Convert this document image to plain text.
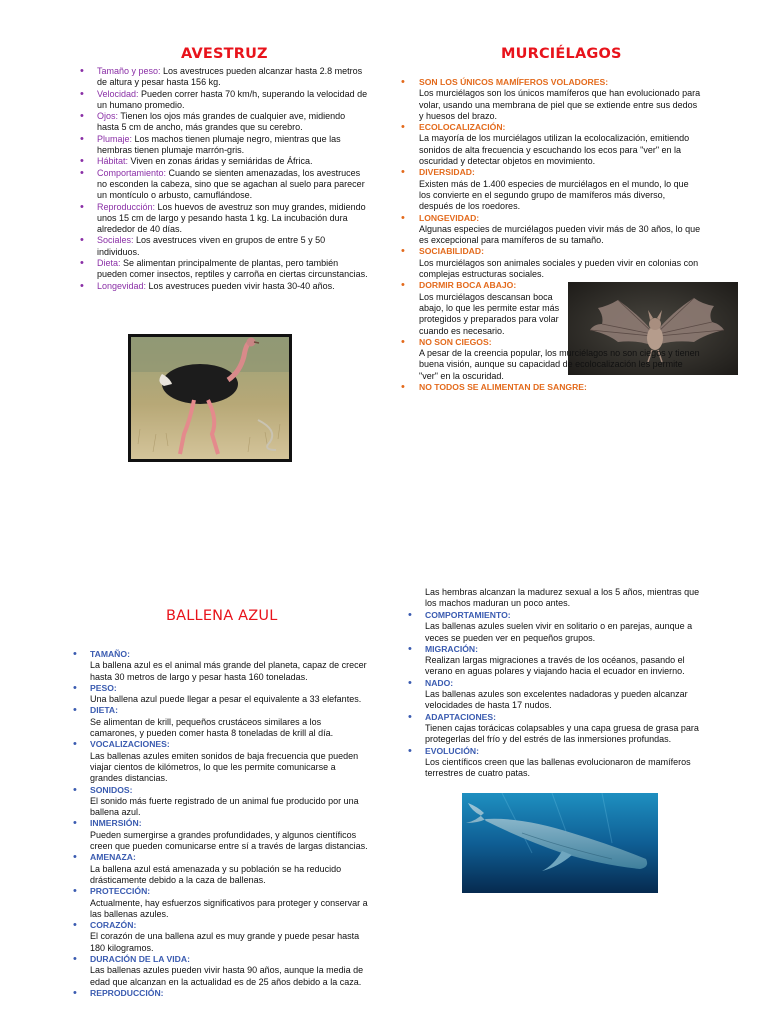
AVESTRUZ
• Tamaño y peso: Los avestruces pueden alcanzar hasta 2.8 metros de altura y pesar hasta 156 kg.
• Velocidad: Pueden correr hasta 70 km/h, superando la velocidad de un humano promedio.
• Ojos: Tienen los ojos más grandes de cualquier ave, midiendo hasta 5 cm de ancho, más grandes que su cerebro.
• Plumaje: Los machos tienen plumaje negro, mientras que las hembras tienen plumaje marrón-gris.
• Hábitat: Viven en zonas áridas y semiáridas de África.
• Comportamiento: Cuando se sienten amenazadas, los avestruces no esconden la cabeza, sino que se agachan al suelo para parecer un montículo o arbusto, camuflándose.
• Reproducción: Los huevos de avestruz son muy grandes, midiendo unos 15 cm de largo y pesando hasta 1 kg. La incubación dura alrededor de 40 días.
• Sociales: Los avestruces viven en grupos de entre 5 y 50 individuos.
• Dieta: Se alimentan principalmente de plantas, pero también pueden comer insectos, reptiles y carroña en ciertas circunstancias.
• Longevidad: Los avestruces pueden vivir hasta 30-40 años.
MURCIÉLAGOS
• SON LOS ÚNICOS MAMÍFEROS VOLADORES:
Los murciélagos son los únicos mamíferos que han evolucionado para volar, usando una membrana de piel que se extiende entre sus dedos y huesos del brazo.
• ECOLOCALIZACIÓN:
La mayoría de los murciélagos utilizan la ecolocalización, emitiendo sonidos de alta frecuencia y escuchando los ecos para "ver" en la oscuridad y detectar objetos en movimiento.
• DIVERSIDAD:
Existen más de 1.400 especies de murciélagos en el mundo, lo que los convierte en el segundo grupo de mamíferos más diverso, después de los roedores.
• LONGEVIDAD:
Algunas especies de murciélagos pueden vivir más de 30 años, lo que es excepcional para mamíferos de su tamaño.
• SOCIABILIDAD:
Los murciélagos son animales sociales y pueden vivir en colonias con complejas estructuras sociales.
• DORMIR BOCA ABAJO:
Los murciélagos descansan boca abajo, lo que les permite estar más protegidos y preparados para volar cuando es necesario.
• NO SON CIEGOS:
A pesar de la creencia popular, los murciélagos no son ciegos y tienen buena visión, aunque su capacidad de ecolocalización les permite "ver" en la oscuridad.
• NO TODOS SE ALIMENTAN DE SANGRE:
BALLENA AZUL
• TAMAÑO:
La ballena azul es el animal más grande del planeta, capaz de crecer hasta 30 metros de largo y pesar hasta 160 toneladas.
• PESO:
Una ballena azul puede llegar a pesar el equivalente a 33 elefantes.
• DIETA:
Se alimentan de krill, pequeños crustáceos similares a los camarones, y pueden comer hasta 8 toneladas de krill al día.
• VOCALIZACIONES:
Las ballenas azules emiten sonidos de baja frecuencia que pueden viajar cientos de kilómetros, lo que les permite comunicarse a grandes distancias.
• SONIDOS:
El sonido más fuerte registrado de un animal fue producido por una ballena azul.
• INMERSIÓN:
Pueden sumergirse a grandes profundidades, y algunos científicos creen que pueden comunicarse entre sí a través de largas distancias.
• AMENAZA:
La ballena azul está amenazada y su población se ha reducido drásticamente debido a la caza de ballenas.
• PROTECCIÓN:
Actualmente, hay esfuerzos significativos para proteger y conservar a las ballenas azules.
• CORAZÓN:
El corazón de una ballena azul es muy grande y puede pesar hasta 180 kilogramos.
• DURACIÓN DE LA VIDA:
Las ballenas azules pueden vivir hasta 90 años, aunque la media de edad que alcanzan en la actualidad es de 25 años debido a la caza.
• REPRODUCCIÓN:
Las hembras alcanzan la madurez sexual a los 5 años, mientras que los machos maduran un poco antes.
• COMPORTAMIENTO:
Las ballenas azules suelen vivir en solitario o en parejas, aunque a veces se pueden ver en pequeños grupos.
• MIGRACIÓN:
Realizan largas migraciones a través de los océanos, pasando el verano en aguas polares y viajando hacia el ecuador en invierno.
• NADO:
Las ballenas azules son excelentes nadadoras y pueden alcanzar velocidades de hasta 17 nudos.
• ADAPTACIONES:
Tienen cajas torácicas colapsables y una capa gruesa de grasa para protegerlas del frío y del estrés de las inmersiones profundas.
• EVOLUCIÓN:
Los científicos creen que las ballenas evolucionaron de mamíferos terrestres de cuatro patas.
